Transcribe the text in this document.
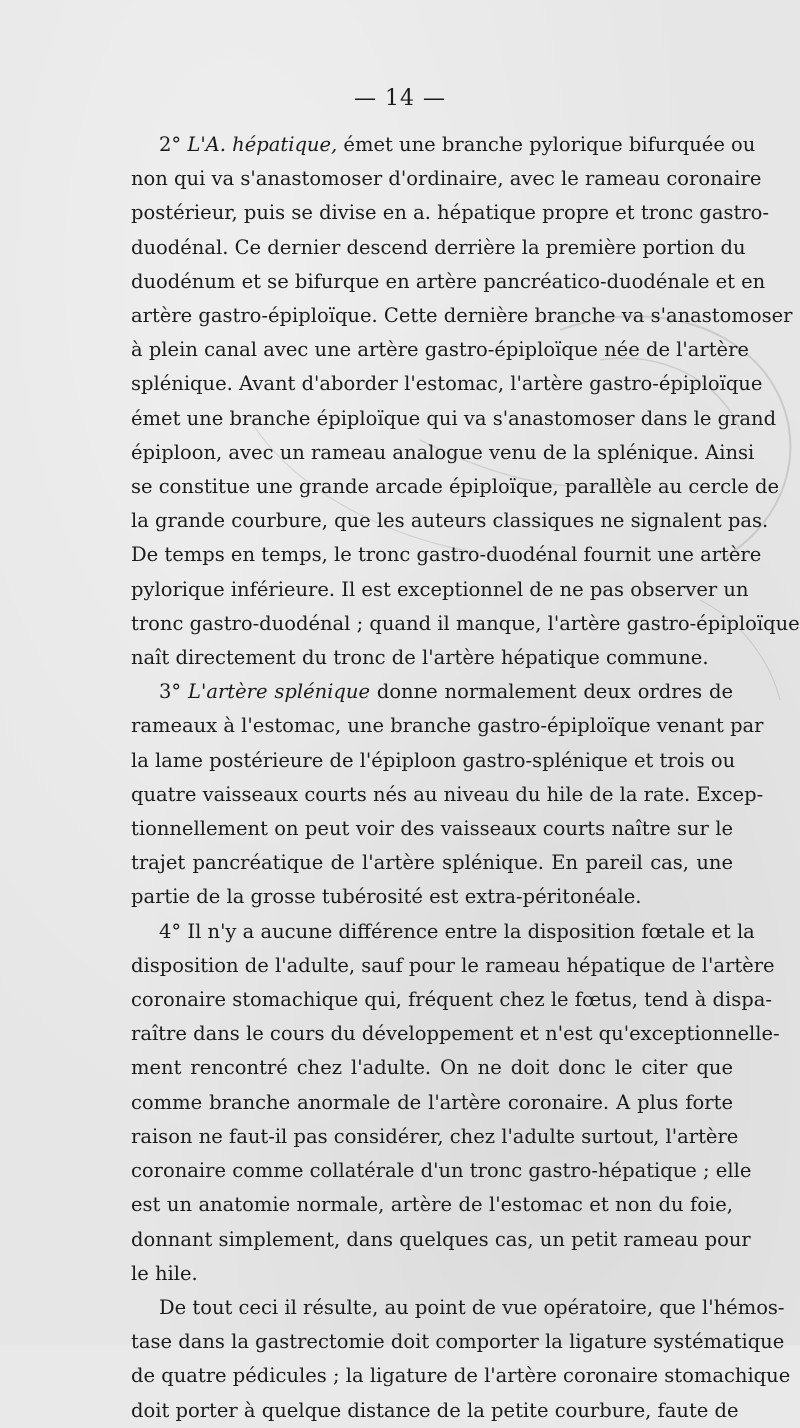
— 14 —
2° L'A. hépatique, émet une branche pylorique bifurquée ou
non qui va s'anastomoser d'ordinaire, avec le rameau coronaire
postérieur, puis se divise en a. hépatique propre et tronc gastro-
duodénal. Ce dernier descend derrière la première portion du
duodénum et se bifurque en artère pancréatico-duodénale et en
artère gastro-épiploïque. Cette dernière branche va s'anastomoser
à plein canal avec une artère gastro-épiploïque née de l'artère
splénique. Avant d'aborder l'estomac, l'artère gastro-épiploïque
émet une branche épiploïque qui va s'anastomoser dans le grand
épiploon, avec un rameau analogue venu de la splénique. Ainsi
se constitue une grande arcade épiploïque, parallèle au cercle de
la grande courbure, que les auteurs classiques ne signalent pas.
De temps en temps, le tronc gastro-duodénal fournit une artère
pylorique inférieure. Il est exceptionnel de ne pas observer un
tronc gastro-duodénal ; quand il manque, l'artère gastro-épiploïque
naît directement du tronc de l'artère hépatique commune.
3° L'artère splénique donne normalement deux ordres de
rameaux à l'estomac, une branche gastro-épiploïque venant par
la lame postérieure de l'épiploon gastro-splénique et trois ou
quatre vaisseaux courts nés au niveau du hile de la rate. Excep-
tionnellement on peut voir des vaisseaux courts naître sur le
trajet pancréatique de l'artère splénique. En pareil cas, une
partie de la grosse tubérosité est extra-péritonéale.
4° Il n'y a aucune différence entre la disposition fœtale et la
disposition de l'adulte, sauf pour le rameau hépatique de l'artère
coronaire stomachique qui, fréquent chez le fœtus, tend à dispa-
raître dans le cours du développement et n'est qu'exceptionnelle-
ment rencontré chez l'adulte. On ne doit donc le citer que
comme branche anormale de l'artère coronaire. A plus forte
raison ne faut-il pas considérer, chez l'adulte surtout, l'artère
coronaire comme collatérale d'un tronc gastro-hépatique ; elle
est un anatomie normale, artère de l'estomac et non du foie,
donnant simplement, dans quelques cas, un petit rameau pour
le hile.
De tout ceci il résulte, au point de vue opératoire, que l'hémos-
tase dans la gastrectomie doit comporter la ligature systématique
de quatre pédicules ; la ligature de l'artère coronaire stomachique
doit porter à quelque distance de la petite courbure, faute de
